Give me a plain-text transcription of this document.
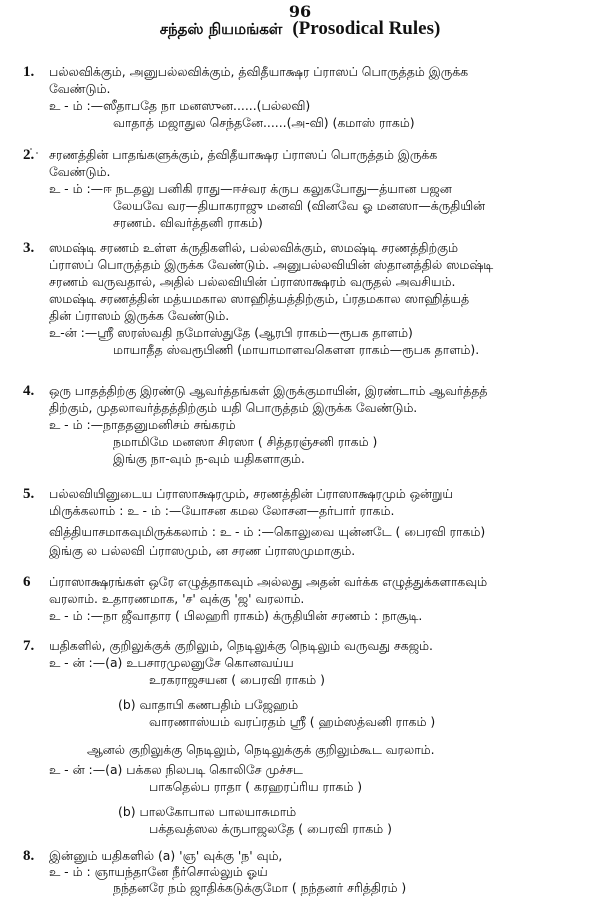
96
சந்தஸ் நியமங்கள் (Prosodical Rules)
1. பல்லவிக்கும், அனுபல்லவிக்கும், த்விதீயாக்ஷர ப்ராஸப் பொருத்தம் இருக்க
வேண்டும்.
உ - ம் :—ஸீதாபதே நா மனஸுன......(பல்லவி)
வாதாத் மஜாதுல செந்தனே......(அ-வி) (கமாஸ் ராகம்)
2. சரணத்தின் பாதங்களுக்கும், த்விதீயாக்ஷர ப்ராஸப் பொருத்தம் இருக்க
வேண்டும்.
உ - ம் :—ஈ நடதலு பனிகி ராது—ஈச்வர க்ருப கலுகபோது—த்யான பஜன
லேயவே வர—தியாகராஜு மனவி (வினவே ஓ மனஸா—க்ருதியின்
சரணம். விவர்த்தனி ராகம்)
3. ஸமஷ்டி சரணம் உள்ள க்ருதிகளில், பல்லவிக்கும், ஸமஷ்டி சரணத்திற்கும்
ப்ராஸப் பொருத்தம் இருக்க வேண்டும். அனுபல்லவியின் ஸ்தானத்தில் ஸமஷ்டி
சரணம் வருவதால், அதில் பல்லவியின் ப்ராஸாக்ஷரம் வருதல் அவசியம்.
ஸமஷ்டி சரணத்தின் மத்யமகால ஸாஹித்யத்திற்கும், ப்ரதமகால ஸாஹித்யத்
தின் ப்ராஸம் இருக்க வேண்டும்.
உ-ன் :—ஸ்ரீ ஸரஸ்வதி நமோஸ்துதே (ஆரபி ராகம்—ரூபக தாளம்)
மாயாதீத ஸ்வரூபிணி (மாயாமாளவகௌள ராகம்—ரூபக தாளம்).
4. ஒரு பாதத்திற்கு இரண்டு ஆவர்த்தங்கள் இருக்குமாயின், இரண்டாம் ஆவர்த்தத்
திற்கும், முதலாவர்த்தத்திற்கும் யதி பொருத்தம் இருக்க வேண்டும்.
உ - ம் :—நாததனுமனிசம் சங்கரம்
நமாமிமே மனஸா சிரஸா ( சித்தரஞ்சனி ராகம் )
இங்கு நா-வும் ந-வும் யதிகளாகும்.
5. பல்லவியினுடைய ப்ராஸாக்ஷரமும், சரணத்தின் ப்ராஸாக்ஷரமும் ஒன்றுய்
மிருக்கலாம் : உ - ம் :—யோசன கமல லோசன—தர்பார் ராகம்.
வித்தியாசமாகவுமிருக்கலாம் : உ - ம் :—கொலுவை யுன்னடே ( பைரவி ராகம்)
இங்கு ல பல்லவி ப்ராஸமும், ன சரண ப்ராஸமுமாகும்.
6 ப்ராஸாக்ஷரங்கள் ஒரே எழுத்தாகவும் அல்லது அதன் வர்க்க எழுத்துக்களாகவும்
வரலாம். உதாரணமாக, 'ச' வுக்கு 'ஜ' வரலாம்.
உ - ம் :—நா ஜீவாதார ( பிலஹரி ராகம்) க்ருதியின் சரணம் : நாசூடி.
7. யதிகளில், குறிலுக்குக் குறிலும், நெடிலுக்கு நெடிலும் வருவது சகஜம்.
உ - ன் :—(a) உபசாரமுலனுசே கொனவய்ய
உரகராஜசயன ( பைரவி ராகம் )
(b) வாதாபி கணபதிம் பஜேஹம்
வாரணாஸ்யம் வரப்ரதம் ஸ்ரீ ( ஹம்ஸத்வனி ராகம் )
ஆனல் குறிலுக்கு நெடிலும், நெடிலுக்குக் குறிலும்கூட வரலாம்.
உ - ன் :—(a) பக்கல நிலபடி கொலிசே முச்சட
பாகதெல்ப ராதா ( கரஹரப்ரிய ராகம் )
(b) பாலகோபால பாலயாசுமாம்
பக்தவத்ஸல க்ருபாஜலதே ( பைரவி ராகம் )
8. இன்னும் யதிகளில் (a) 'ஞ' வுக்கு 'ந' வும்,
உ - ம் : ஞாயந்தானே நீர்சொல்லும் ஓய்
நந்தனரே நம் ஜாதிக்கடுக்குமோ ( நந்தனர் சரித்திரம் )
